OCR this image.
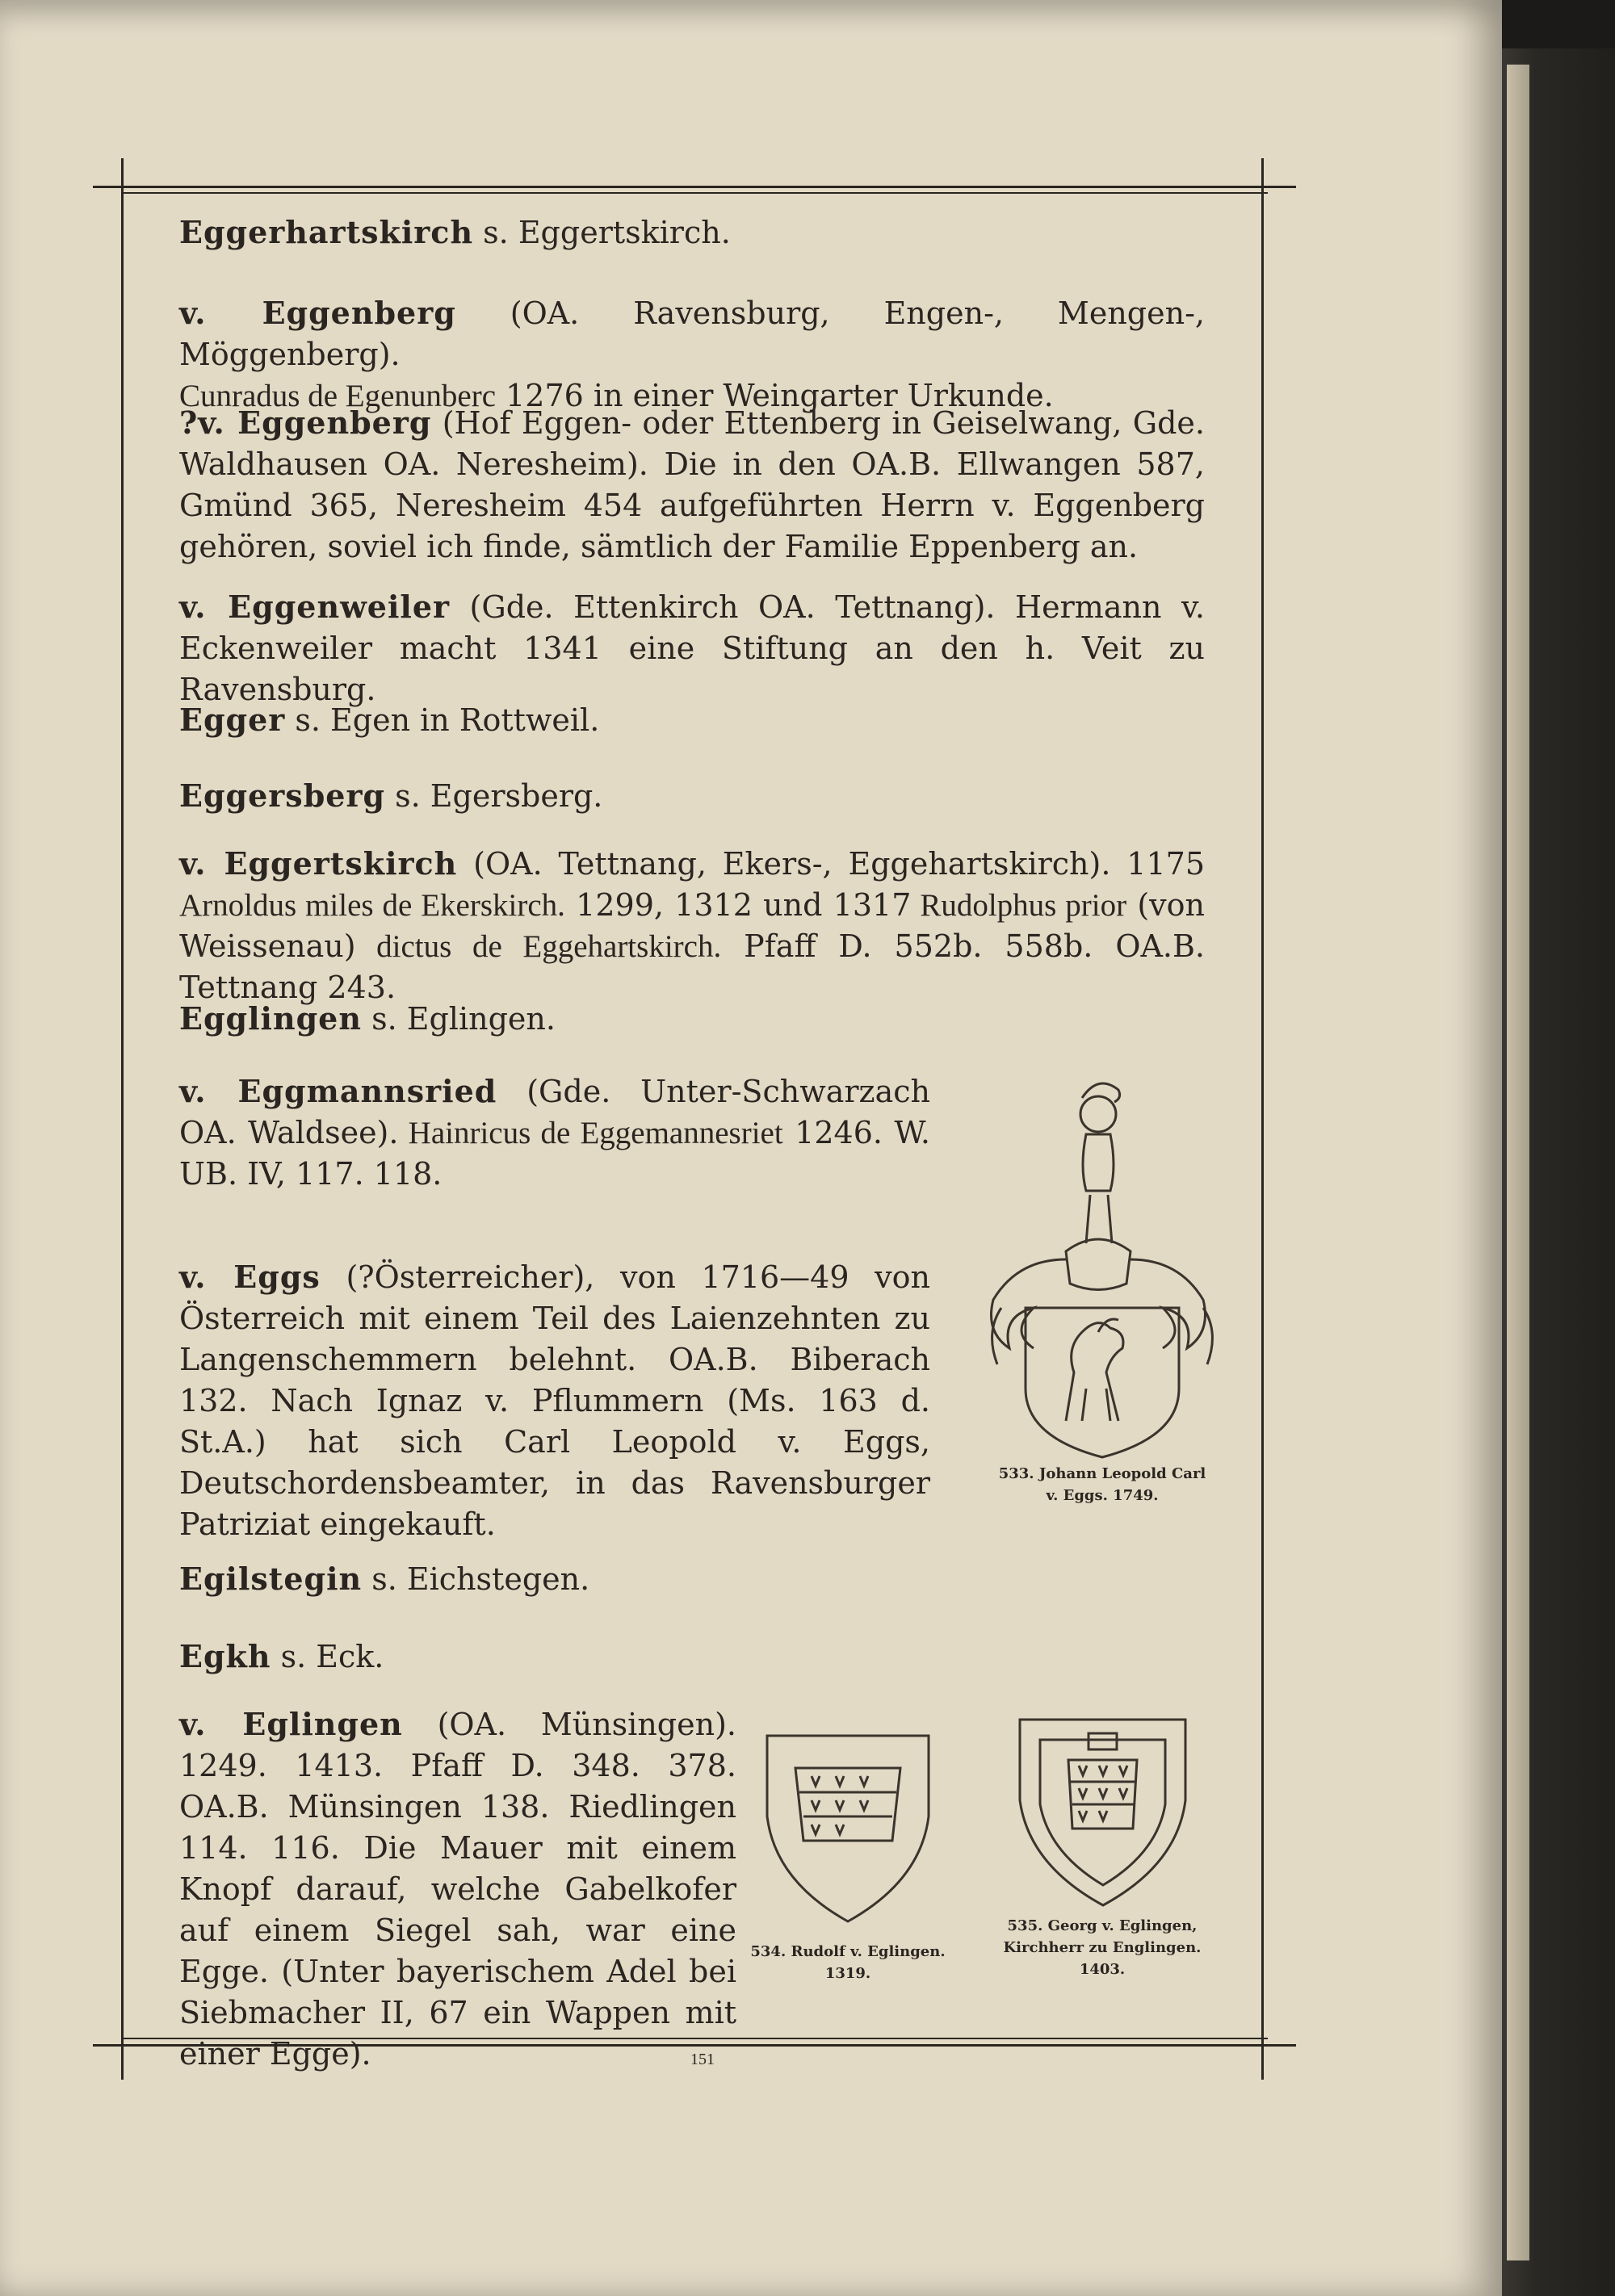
Eggerhartskirch s. Eggertskirch.
v. Eggenberg (OA. Ravensburg, Engen-, Mengen-, Möggenberg).
Cunradus de Egenunberc 1276 in einer Weingarter Urkunde.
?v. Eggenberg (Hof Eggen- oder Ettenberg in Geiselwang, Gde. Waldhausen OA. Neresheim). Die in den OA.B. Ellwangen 587, Gmünd 365, Neresheim 454 aufgeführten Herrn v. Eggenberg gehören, soviel ich finde, sämtlich der Familie Eppenberg an.
v. Eggenweiler (Gde. Ettenkirch OA. Tettnang). Hermann v. Eckenweiler macht 1341 eine Stiftung an den h. Veit zu Ravensburg.
Egger s. Egen in Rottweil.
Eggersberg s. Egersberg.
v. Eggertskirch (OA. Tettnang, Ekers-, Eggehartskirch). 1175 Arnoldus miles de Ekerskirch. 1299, 1312 und 1317 Rudolphus prior (von Weissenau) dictus de Eggehartskirch. Pfaff D. 552b. 558b. OA.B. Tettnang 243.
Egglingen s. Eglingen.
v. Eggmannsried (Gde. Unter-Schwarzach OA. Waldsee). Hainricus de Eggemannesriet 1246. W. UB. IV, 117. 118.
v. Eggs (?Österreicher), von 1716—49 von Österreich mit einem Teil des Laienzehnten zu Langenschemmern belehnt. OA.B. Biberach 132. Nach Ignaz v. Pflummern (Ms. 163 d. St.A.) hat sich Carl Leopold v. Eggs, Deutschordensbeamter, in das Ravensburger Patriziat eingekauft.
Egilstegin s. Eichstegen.
Egkh s. Eck.
v. Eglingen (OA. Münsingen). 1249. 1413. Pfaff D. 348. 378. OA.B. Münsingen 138. Riedlingen 114. 116. Die Mauer mit einem Knopf darauf, welche Gabelkofer auf einem Siegel sah, war eine Egge. (Unter bayerischem Adel bei Siebmacher II, 67 ein Wappen mit einer Egge).
533. Johann Leopold Carl
v. Eggs. 1749.
534. Rudolf v. Eglingen.
1319.
535. Georg v. Eglingen,
Kirchherr zu Englingen.
1403.
151
